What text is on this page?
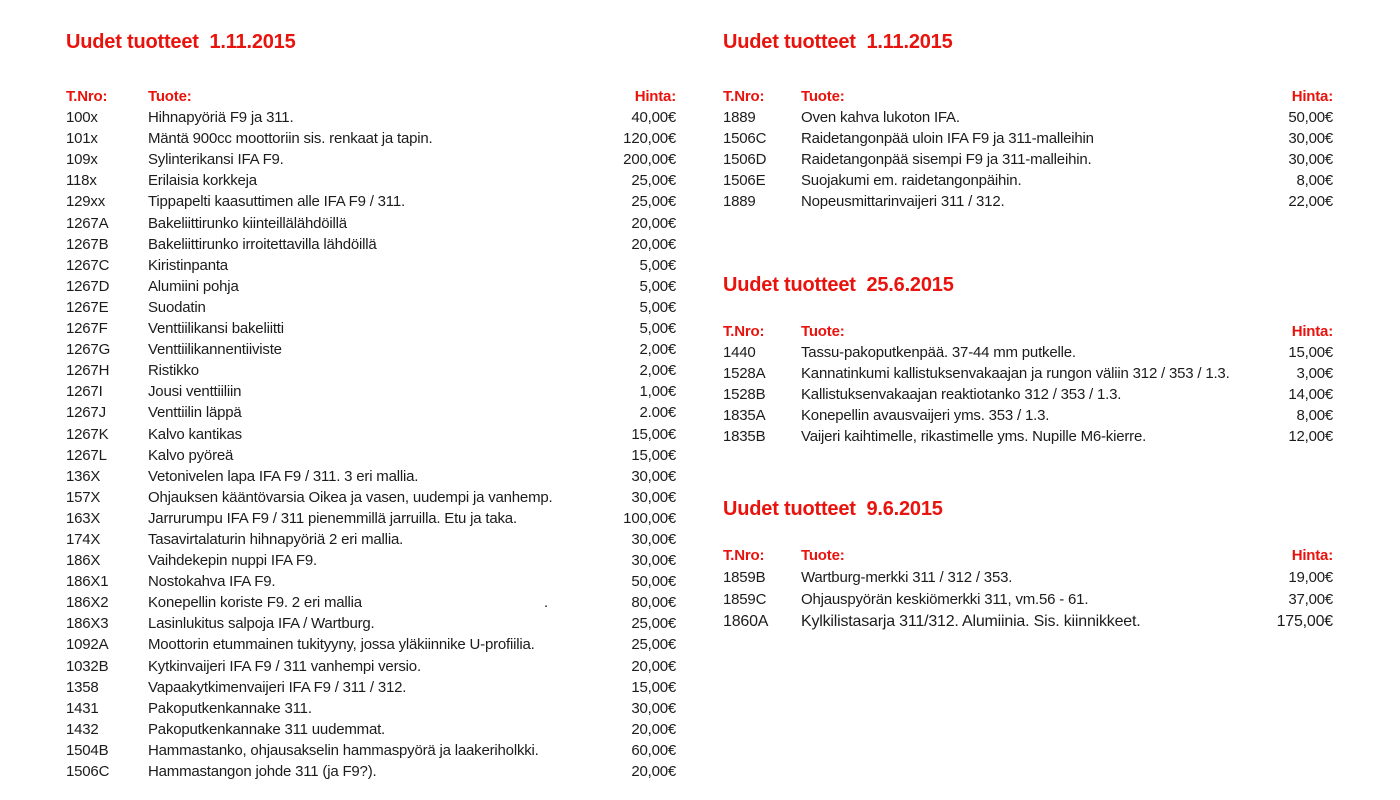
Uudet tuotteet  1.11.2015
T.Nro:	Tuote:	Hinta:
100x	Hihnapyöriä F9 ja 311.	40,00€
101x	Mäntä 900cc moottoriin sis. renkaat ja tapin.	120,00€
109x	Sylinterikansi IFA F9.	200,00€
118x	Erilaisia korkkeja	25,00€
129xx	Tippapelti kaasuttimen alle IFA F9 / 311.	25,00€
1267A	Bakeliittirunko kiinteillälähdöillä	20,00€
1267B	Bakeliittirunko irroitettavilla lähdöillä	20,00€
1267C	Kiristinpanta	5,00€
1267D	Alumiini pohja	5,00€
1267E	Suodatin	5,00€
1267F	Venttiilikansi bakeliitti	5,00€
1267G	Venttiilikannentiiviste	2,00€
1267H	Ristikko	2,00€
1267I	Jousi venttiiliin	1,00€
1267J	Venttiilin läppä	2.00€
1267K	Kalvo kantikas	15,00€
1267L	Kalvo pyöreä	15,00€
136X	Vetonivelen lapa IFA F9 / 311. 3 eri mallia.	30,00€
157X	Ohjauksen kääntövarsia Oikea ja vasen, uudempi ja vanhemp.	30,00€
163X	Jarrurumpu IFA F9 / 311 pienemmillä jarruilla. Etu ja taka.	100,00€
174X	Tasavirtalaturin hihnapyöriä 2 eri mallia.	30,00€
186X	Vaihdekepin nuppi IFA F9.	30,00€
186X1	Nostokahva IFA F9.	50,00€
186X2	Konepellin koriste F9. 2 eri mallia	.	80,00€
186X3	Lasinlukitus salpoja IFA / Wartburg.	25,00€
1092A	Moottorin etummainen tukityyny, jossa yläkiinnike U-profiilia.	25,00€
1032B	Kytkinvaijeri IFA F9 / 311 vanhempi versio.	20,00€
1358	Vapaakytkimenvaijeri IFA F9 / 311 / 312.	15,00€
1431	Pakoputkenkannake 311.	30,00€
1432	Pakoputkenkannake 311 uudemmat.	20,00€
1504B	Hammastanko, ohjausakselin hammaspyörä ja laakeriholkki.	60,00€
1506C	Hammastangon johde 311 (ja F9?).	20,00€
Uudet tuotteet  1.11.2015
T.Nro:	Tuote:	Hinta:
1889	Oven kahva lukoton IFA.	50,00€
1506C	Raidetangonpää uloin IFA F9 ja 311-malleihin	30,00€
1506D	Raidetangonpää sisempi F9 ja 311-malleihin.	30,00€
1506E	Suojakumi em. raidetangonpäihin.	8,00€
1889	Nopeusmittarinvaijeri 311 / 312.	22,00€
Uudet tuotteet  25.6.2015
T.Nro:	Tuote:	Hinta:
1440	Tassu-pakoputkenpää. 37-44 mm putkelle.	15,00€
1528A	Kannatinkumi kallistuksenvakaajan ja rungon väliin 312 / 353 / 1.3.	3,00€
1528B	Kallistuksenvakaajan reaktiotanko 312 / 353 / 1.3.	14,00€
1835A	Konepellin avausvaijeri yms. 353 / 1.3.	8,00€
1835B	Vaijeri kaihtimelle, rikastimelle yms. Nupille M6-kierre.	12,00€
Uudet tuotteet  9.6.2015
T.Nro:	Tuote:	Hinta:
1859B	Wartburg-merkki 311 / 312 / 353.	19,00€
1859C	Ohjauspyörän keskiömerkki 311, vm.56 - 61.	37,00€
1860A	Kylkilistasarja 311/312. Alumiinia. Sis. kiinnikkeet.	175,00€
